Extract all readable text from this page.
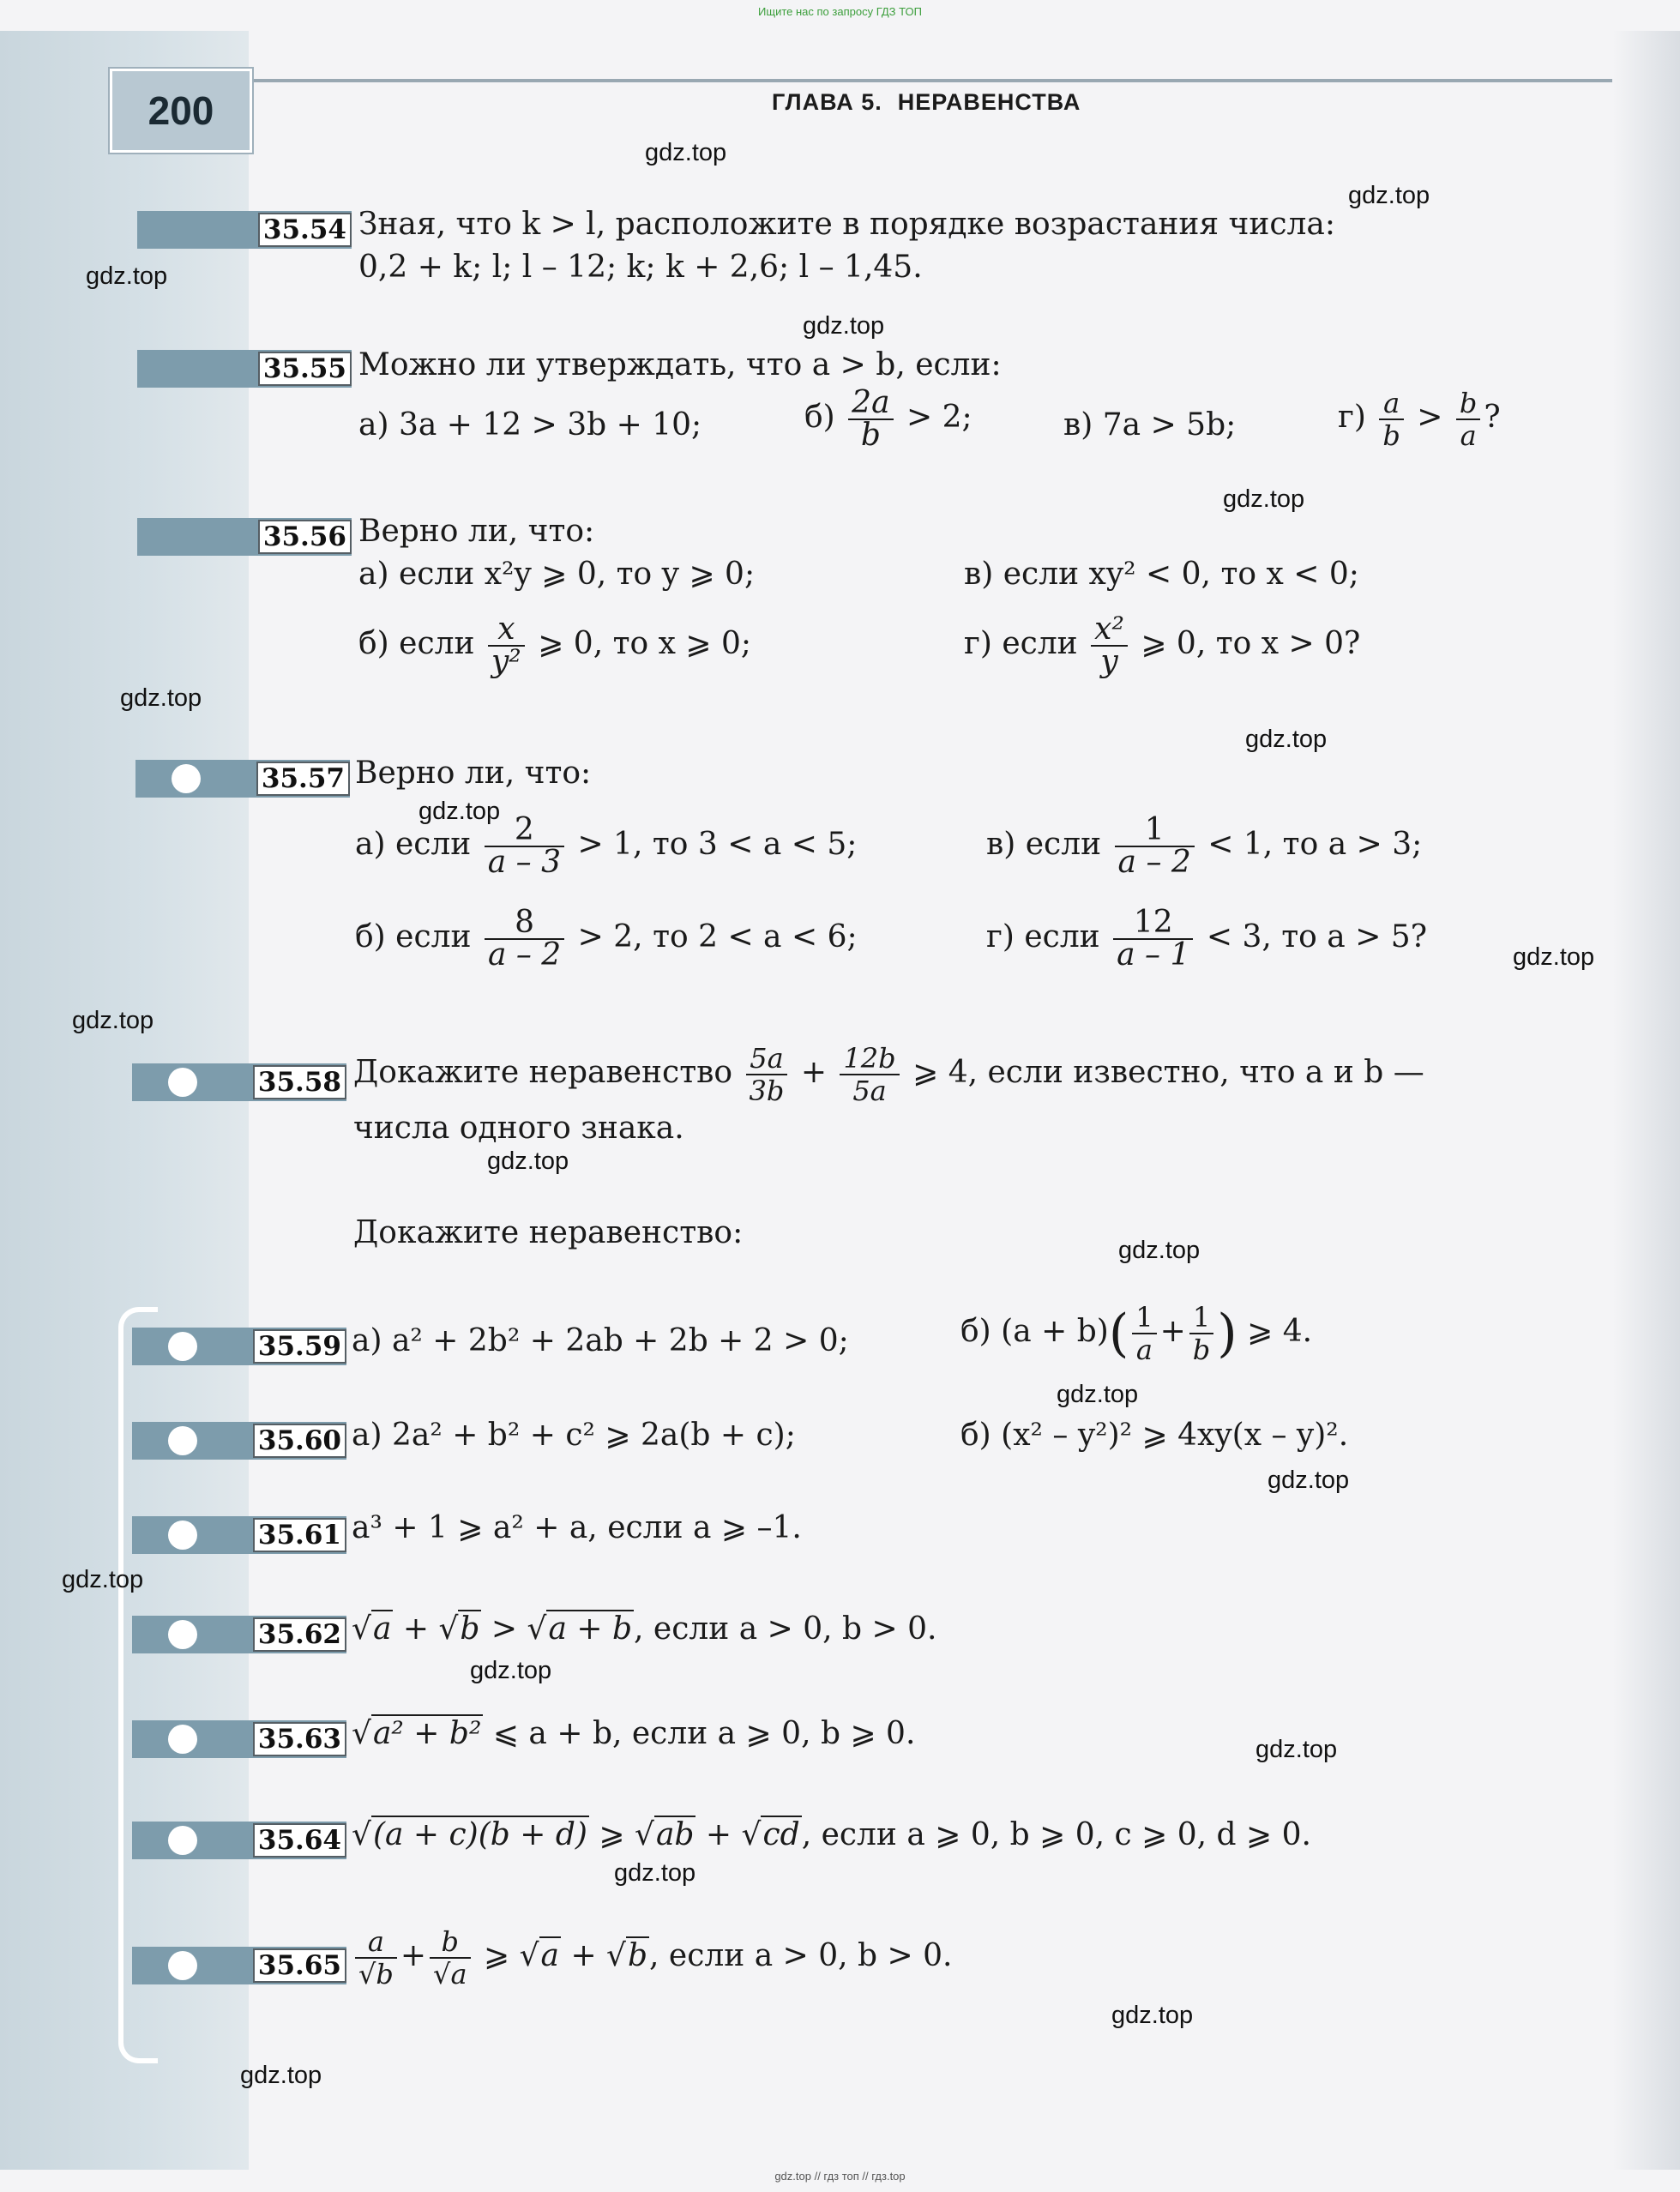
Ищите нас по запросу ГДЗ ТОП
200	ГЛАВА 5. НЕРАВЕНСТВА
35.54 Зная, что k > l, расположите в порядке возрастания числа:
0,2 + k; l; l – 12; k; k + 2,6; l – 1,45.
35.55 Можно ли утверждать, что a > b, если:
а) 3a + 12 > 3b + 10;	$б) \frac{2a}{b} > 2$;	в) 7a > 5b;	$г) \frac{a}{b} > \frac{b}{a}$ ?
35.56 Верно ли, что:
а) если x²y ⩾ 0, то y ⩾ 0;	в) если xy² < 0, то x < 0;
б) если $\frac{x}{\text{y²}}$ ⩾ 0, то x ⩾ 0;	г) если $\frac{\text{x²}}{y}$ ⩾ 0, то x > 0?
35.57 Верно ли, что:
а) если $\frac{2}{a - 3} > 1$, то 3 < a < 5;	в) если $\frac{1}{a - 2} < 1$, то a > 3;
б) если $\frac{8}{a - 2} > 2$, то 2 < a < 6;	г) если $\frac{12}{a - 1} < 3$, то a > 5?
35.58 Докажите неравенство $\frac{5a}{3b} + \frac{12b}{5a}$ ⩾ 4, если известно, что a и b —
числа одного знака.
Докажите неравенство:
35.59 а) a² + 2b² + 2ab + 2b + 2 > 0;	б) $(a + b)( \frac{1}{a} + \frac{1}{b}$ ) ⩾ 4.
35.60 а) 2a² + b² + c² ⩾ 2a(b + c);	б) (x² – y²)² ⩾ 4xy(x – y)².
35.61 a³ + 1 ⩾ a² + a, если a ⩾ –1.
35.62 √a + √b > √a + b, если a > 0, b > 0.
35.63 √a² + b² ⩽ a + b, если a ⩾ 0, b ⩾ 0.
35.64 √(a + c)(b + d) ⩾ √ab + √cd, если a ⩾ 0, b ⩾ 0, c ⩾ 0, d ⩾ 0.
$35.65 \frac{a}{√b} + \frac{b}{√a}$ ⩾ √a + √b, если a > 0, b > 0.
gdz.top
gdz.top
gdz.top
gdz.top
gdz.top
gdz.top
gdz.top
gdz.top
gdz.top
gdz.top
gdz.top
gdz.top
gdz.top
gdz.top
gdz.top
gdz.top
gdz.top
gdz.top
gdz.top
gdz.top
gdz.top // гдз топ // гдз.top
